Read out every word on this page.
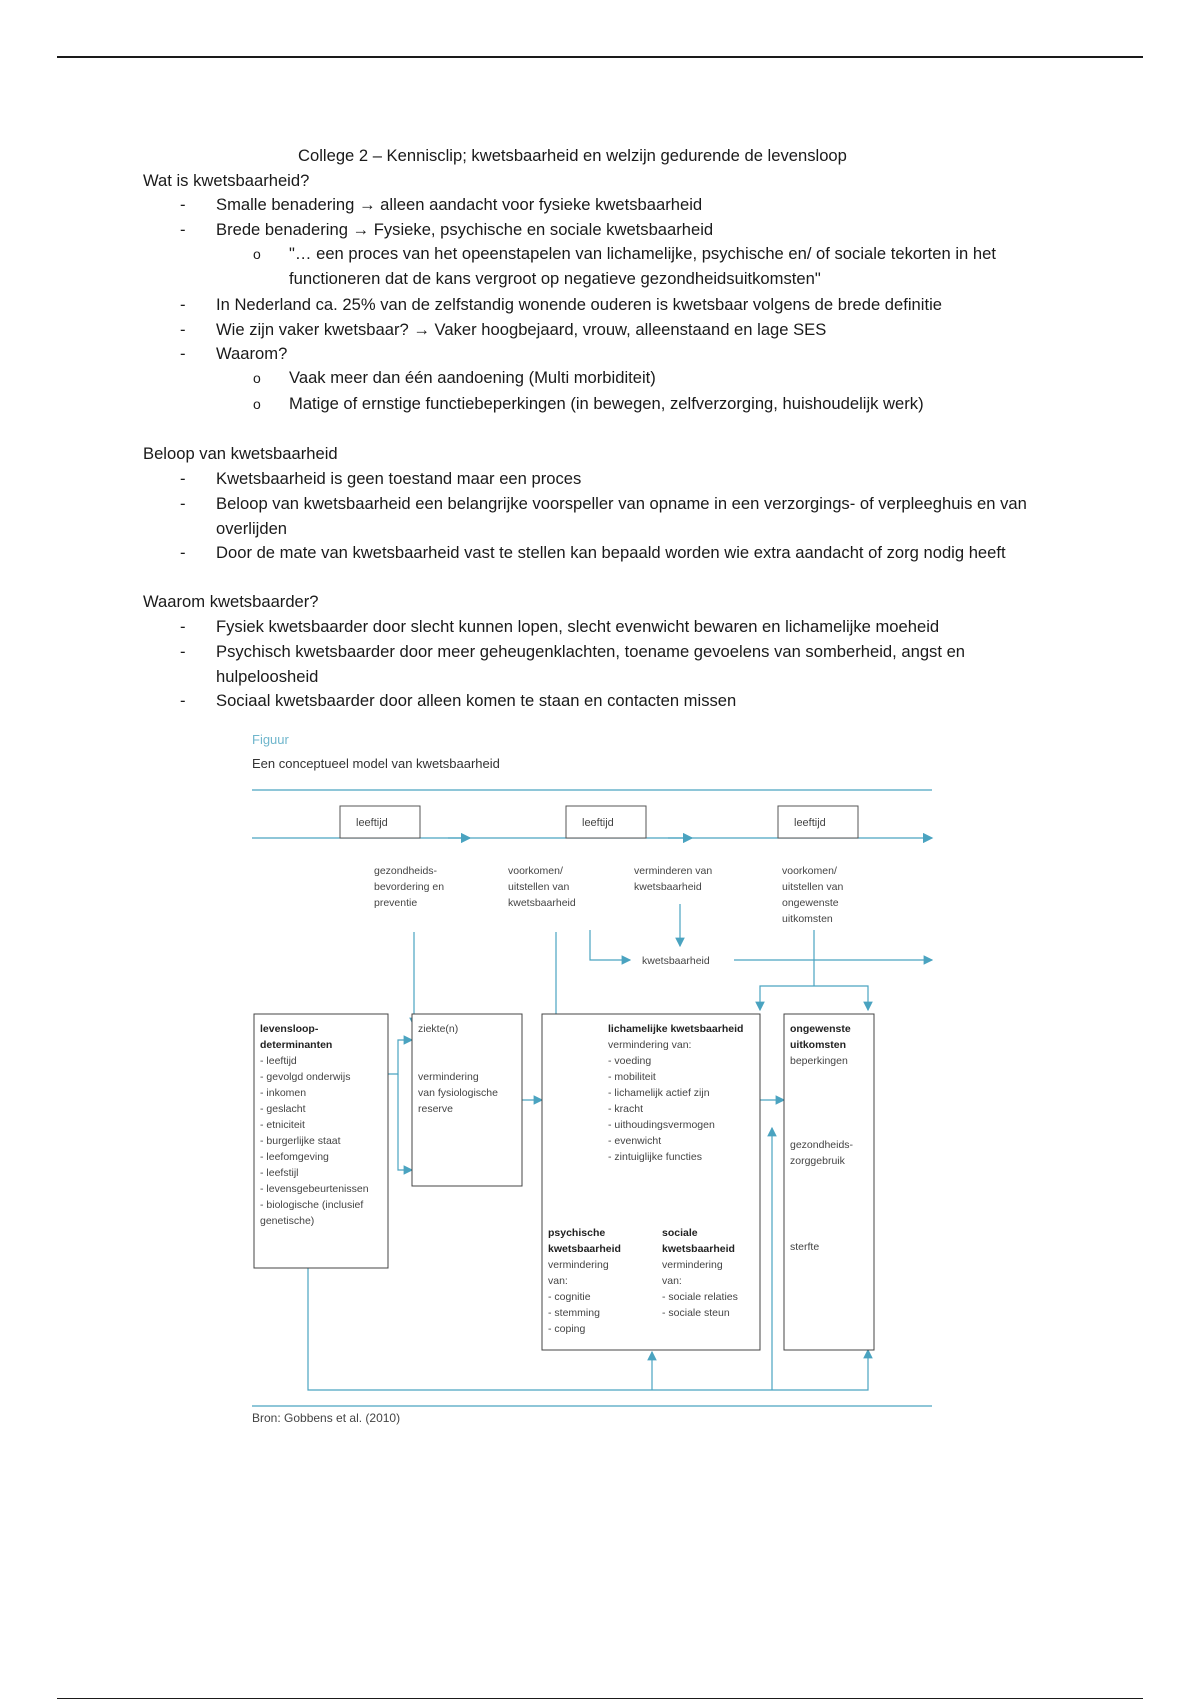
College 2 – Kennisclip; kwetsbaarheid en welzijn gedurende de levensloop
Wat is kwetsbaarheid?
- Smalle benadering → alleen aandacht voor fysieke kwetsbaarheid
- Brede benadering → Fysieke, psychische en sociale kwetsbaarheid
o "… een proces van het opeenstapelen van lichamelijke, psychische en/ of sociale tekorten in het functioneren dat de kans vergroot op negatieve gezondheidsuitkomsten"
- In Nederland ca. 25% van de zelfstandig wonende ouderen is kwetsbaar volgens de brede definitie
- Wie zijn vaker kwetsbaar? → Vaker hoogbejaard, vrouw, alleenstaand en lage SES
- Waarom?
o Vaak meer dan één aandoening (Multi morbiditeit)
o Matige of ernstige functiebeperkingen (in bewegen, zelfverzorging, huishoudelijk werk)
Beloop van kwetsbaarheid
- Kwetsbaarheid is geen toestand maar een proces
- Beloop van kwetsbaarheid een belangrijke voorspeller van opname in een verzorgings- of verpleeghuis en van overlijden
- Door de mate van kwetsbaarheid vast te stellen kan bepaald worden wie extra aandacht of zorg nodig heeft
Waarom kwetsbaarder?
- Fysiek kwetsbaarder door slecht kunnen lopen, slecht evenwicht bewaren en lichamelijke moeheid
- Psychisch kwetsbaarder door meer geheugenklachten, toename gevoelens van somberheid, angst en hulpeloosheid
- Sociaal kwetsbaarder door alleen komen te staan en contacten missen
Figuur
Een conceptueel model van kwetsbaarheid
leeftijd	leeftijd	leeftijd
gezondheids-
bevordering en
preventie
voorkomen/
uitstellen van
kwetsbaarheid
verminderen van
kwetsbaarheid
voorkomen/
uitstellen van
ongewenste
uitkomsten
kwetsbaarheid
levensloop-
determinanten
- leeftijd
- gevolgd onderwijs
- inkomen
- geslacht
- etniciteit
- burgerlijke staat
- leefomgeving
- leefstijl
- levensgebeurtenissen
- biologische (inclusief
genetische)
ziekte(n)
vermindering
van fysiologische
reserve
lichamelijke kwetsbaarheid
vermindering van:
- voeding
- mobiliteit
- lichamelijk actief zijn
- kracht
- uithoudingsvermogen
- evenwicht
- zintuiglijke functies
psychische
kwetsbaarheid
vermindering
van:
- cognitie
- stemming
- coping
sociale
kwetsbaarheid
vermindering
van:
- sociale relaties
- sociale steun
ongewenste
uitkomsten
beperkingen
gezondheids-
zorggebruik
sterfte
Bron: Gobbens et al. (2010)
